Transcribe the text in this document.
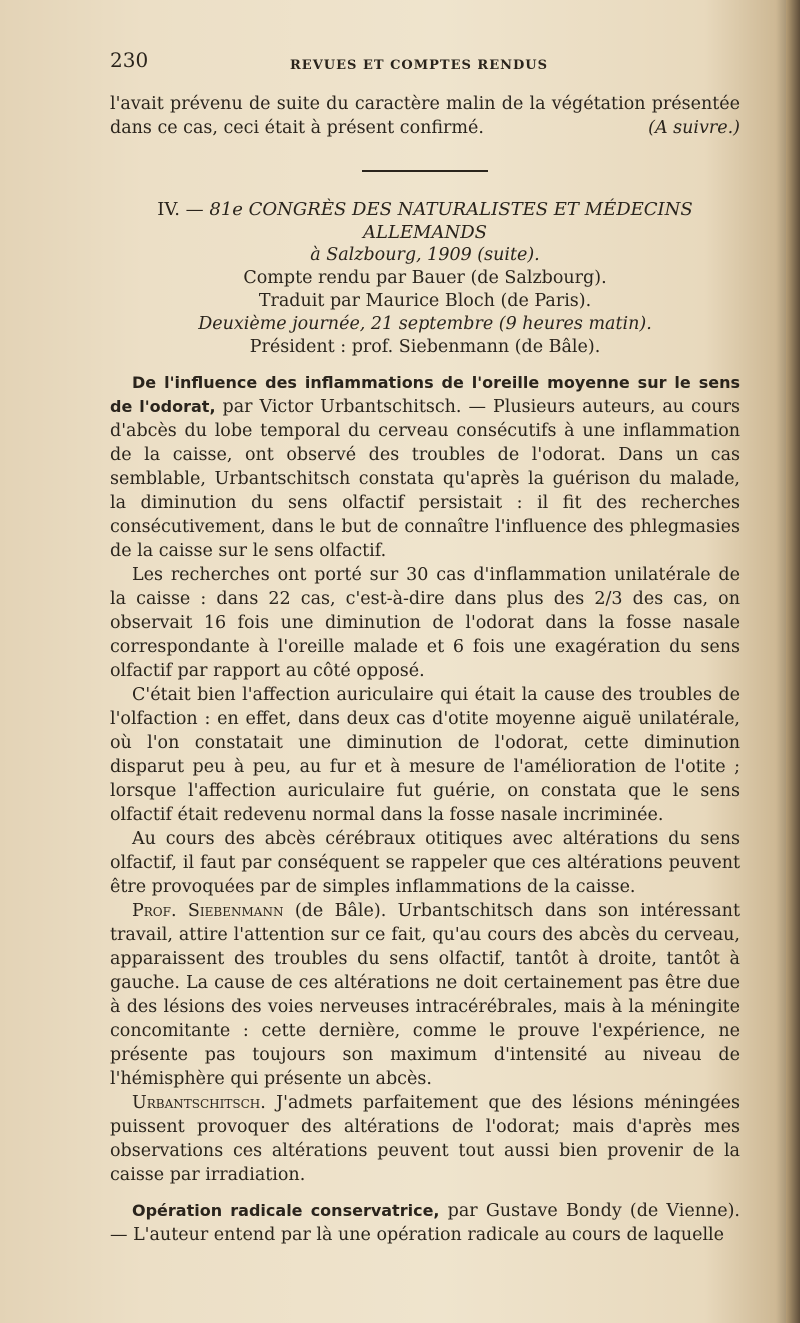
230	REVUES ET COMPTES RENDUS

l'avait prévenu de suite du caractère malin de la végétation présentée dans ce cas, ceci était à présent confirmé.	(A suivre.)

IV. — 81e CONGRÈS DES NATURALISTES ET MÉDECINS
ALLEMANDS
à Salzbourg, 1909 (suite).
Compte rendu par Bauer (de Salzbourg).
Traduit par Maurice Bloch (de Paris).
Deuxième journée, 21 septembre (9 heures matin).
Président : prof. Siebenmann (de Bâle).

De l'influence des inflammations de l'oreille moyenne sur le sens de l'odorat, par Victor Urbantschitsch. — Plusieurs auteurs, au cours d'abcès du lobe temporal du cerveau consécutifs à une inflammation de la caisse, ont observé des troubles de l'odorat. Dans un cas semblable, Urbantschitsch constata qu'après la guérison du malade, la diminution du sens olfactif persistait : il fit des recherches consécutivement, dans le but de connaître l'influence des phlegmasies de la caisse sur le sens olfactif.

Les recherches ont porté sur 30 cas d'inflammation unilatérale de la caisse : dans 22 cas, c'est-à-dire dans plus des 2/3 des cas, on observait 16 fois une diminution de l'odorat dans la fosse nasale correspondante à l'oreille malade et 6 fois une exagération du sens olfactif par rapport au côté opposé.

C'était bien l'affection auriculaire qui était la cause des troubles de l'olfaction : en effet, dans deux cas d'otite moyenne aiguë unilatérale, où l'on constatait une diminution de l'odorat, cette diminution disparut peu à peu, au fur et à mesure de l'amélioration de l'otite ; lorsque l'affection auriculaire fut guérie, on constata que le sens olfactif était redevenu normal dans la fosse nasale incriminée.

Au cours des abcès cérébraux otitiques avec altérations du sens olfactif, il faut par conséquent se rappeler que ces altérations peuvent être provoquées par de simples inflammations de la caisse.

Prof. Siebenmann (de Bâle). Urbantschitsch dans son intéressant travail, attire l'attention sur ce fait, qu'au cours des abcès du cerveau, apparaissent des troubles du sens olfactif, tantôt à droite, tantôt à gauche. La cause de ces altérations ne doit certainement pas être due à des lésions des voies nerveuses intracérébrales, mais à la méningite concomitante : cette dernière, comme le prouve l'expérience, ne présente pas toujours son maximum d'intensité au niveau de l'hémisphère qui présente un abcès.

Urbantschitsch. J'admets parfaitement que des lésions méningées puissent provoquer des altérations de l'odorat; mais d'après mes observations ces altérations peuvent tout aussi bien provenir de la caisse par irradiation.

Opération radicale conservatrice, par Gustave Bondy (de Vienne). — L'auteur entend par là une opération radicale au cours de laquelle
